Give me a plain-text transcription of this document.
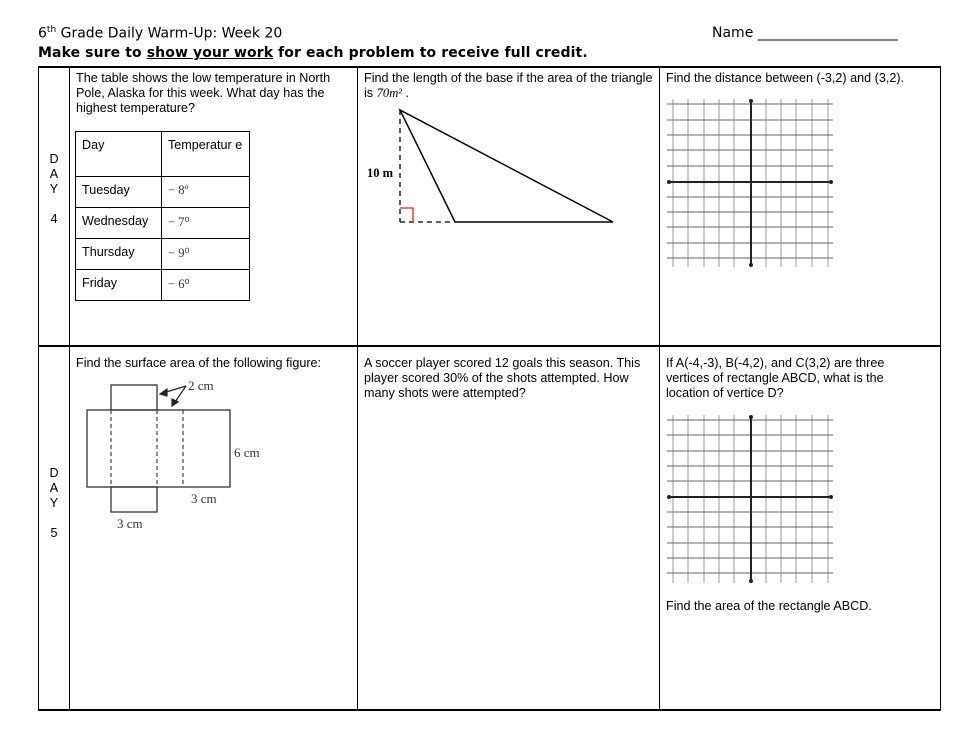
6th Grade Daily Warm-Up: Week 20
Make sure to show your work for each problem to receive full credit.
Name ____________________
D
A
Y
4
The table shows the low temperature in North Pole, Alaska for this week. What day has the highest temperature?
Day	Temperatur e
Tuesday	− 8º
Wednesday	− 7⁰
Thursday	− 9⁰
Friday	− 6⁰
Find the length of the base if the area of the triangle is 70m² .
10 m
Find the distance between (-3,2) and (3,2).
D
A
Y
5
Find the surface area of the following figure:
2 cm
6 cm
3 cm
3 cm
A soccer player scored 12 goals this season. This player scored 30% of the shots attempted. How many shots were attempted?
If A(-4,-3), B(-4,2), and C(3,2) are three vertices of rectangle ABCD, what is the location of vertice D?
Find the area of the rectangle ABCD.
